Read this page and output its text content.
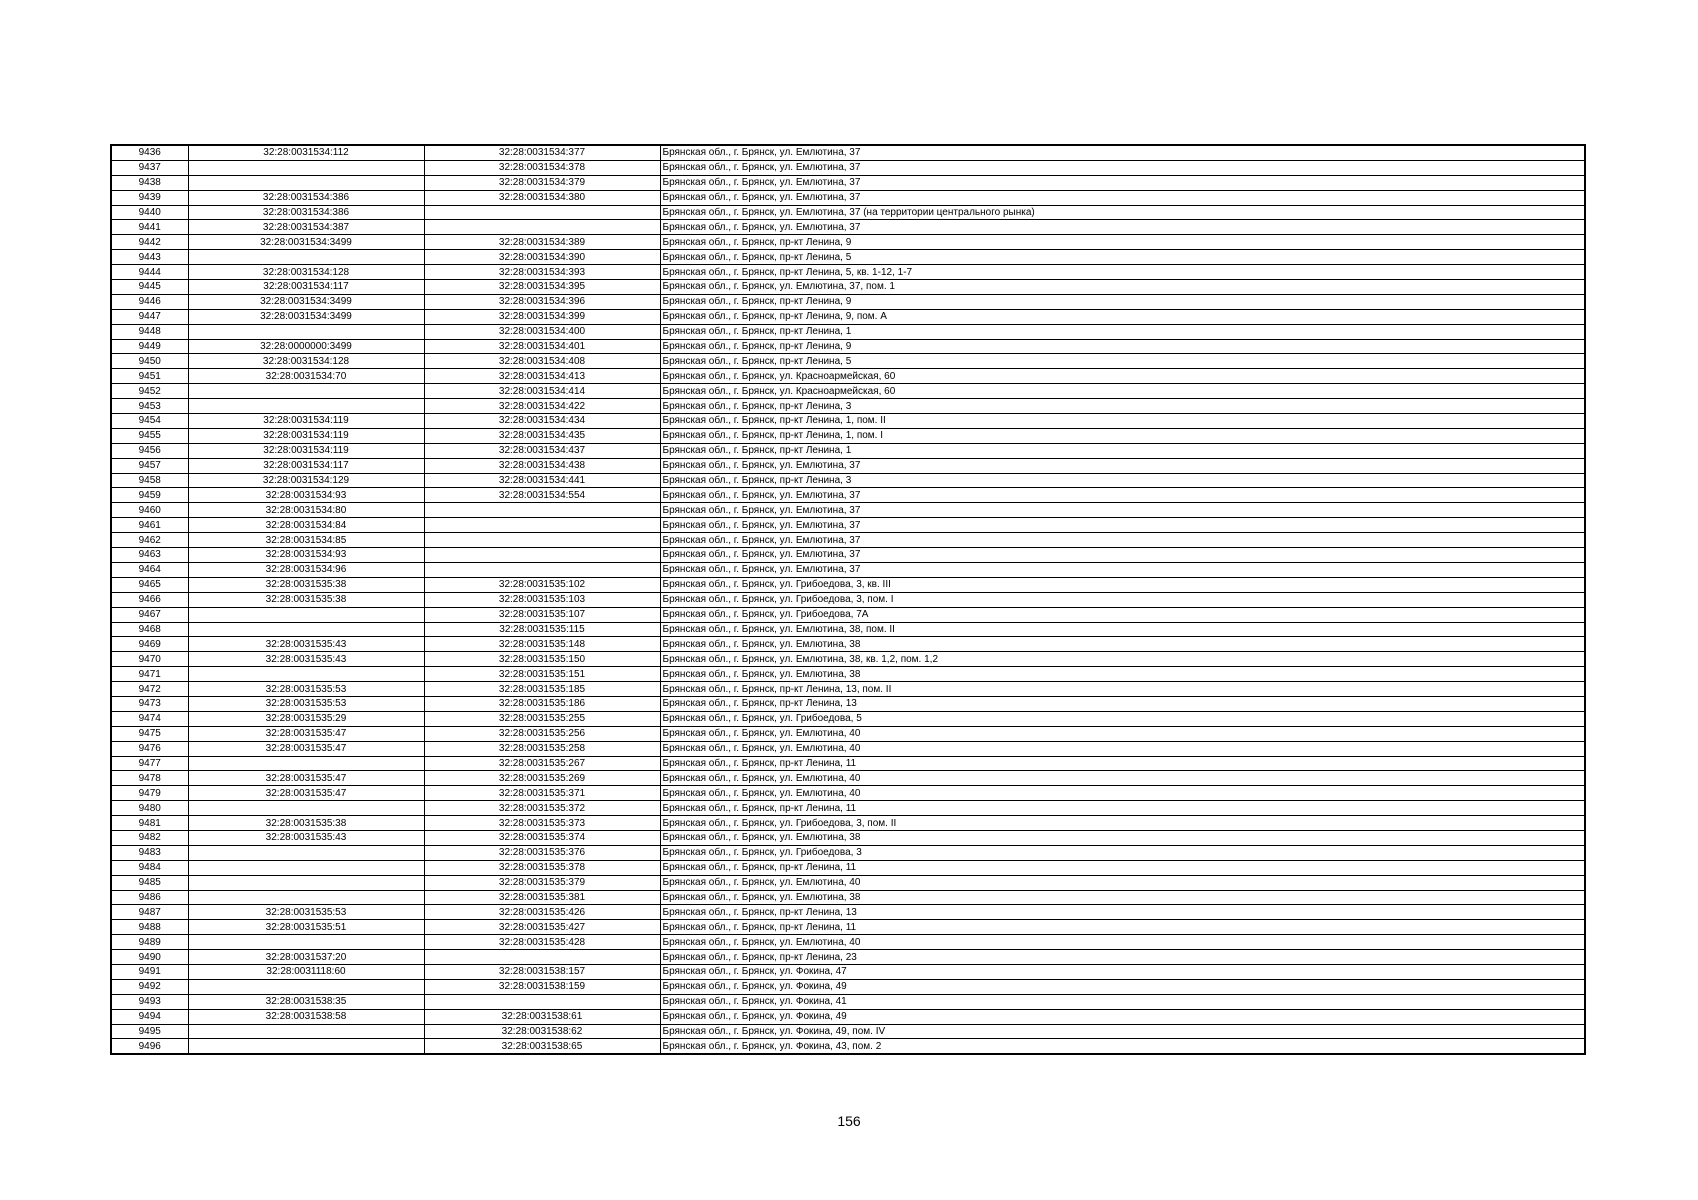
9436	32:28:0031534:112	32:28:0031534:377	Брянская обл., г. Брянск, ул. Емлютина, 37
9437		32:28:0031534:378	Брянская обл., г. Брянск, ул. Емлютина, 37
9438		32:28:0031534:379	Брянская обл., г. Брянск, ул. Емлютина, 37
9439	32:28:0031534:386	32:28:0031534:380	Брянская обл., г. Брянск, ул. Емлютина, 37
9440	32:28:0031534:386		Брянская обл., г. Брянск, ул. Емлютина, 37 (на территории центрального рынка)
9441	32:28:0031534:387		Брянская обл., г. Брянск, ул. Емлютина, 37
9442	32:28:0031534:3499	32:28:0031534:389	Брянская обл., г. Брянск, пр-кт Ленина, 9
9443		32:28:0031534:390	Брянская обл., г. Брянск, пр-кт Ленина, 5
9444	32:28:0031534:128	32:28:0031534:393	Брянская обл., г. Брянск, пр-кт Ленина, 5, кв. 1-12, 1-7
9445	32:28:0031534:117	32:28:0031534:395	Брянская обл., г. Брянск, ул. Емлютина, 37, пом. 1
9446	32:28:0031534:3499	32:28:0031534:396	Брянская обл., г. Брянск, пр-кт Ленина, 9
9447	32:28:0031534:3499	32:28:0031534:399	Брянская обл., г. Брянск, пр-кт Ленина, 9, пом. А
9448		32:28:0031534:400	Брянская обл., г. Брянск, пр-кт Ленина, 1
9449	32:28:0000000:3499	32:28:0031534:401	Брянская обл., г. Брянск, пр-кт Ленина, 9
9450	32:28:0031534:128	32:28:0031534:408	Брянская обл., г. Брянск, пр-кт Ленина, 5
9451	32:28:0031534:70	32:28:0031534:413	Брянская обл., г. Брянск, ул. Красноармейская, 60
9452		32:28:0031534:414	Брянская обл., г. Брянск, ул. Красноармейская, 60
9453		32:28:0031534:422	Брянская обл., г. Брянск, пр-кт Ленина, 3
9454	32:28:0031534:119	32:28:0031534:434	Брянская обл., г. Брянск, пр-кт Ленина, 1, пом. II
9455	32:28:0031534:119	32:28:0031534:435	Брянская обл., г. Брянск, пр-кт Ленина, 1, пом. I
9456	32:28:0031534:119	32:28:0031534:437	Брянская обл., г. Брянск, пр-кт Ленина, 1
9457	32:28:0031534:117	32:28:0031534:438	Брянская обл., г. Брянск, ул. Емлютина, 37
9458	32:28:0031534:129	32:28:0031534:441	Брянская обл., г. Брянск, пр-кт Ленина, 3
9459	32:28:0031534:93	32:28:0031534:554	Брянская обл., г. Брянск, ул. Емлютина, 37
9460	32:28:0031534:80		Брянская обл., г. Брянск, ул. Емлютина, 37
9461	32:28:0031534:84		Брянская обл., г. Брянск, ул. Емлютина, 37
9462	32:28:0031534:85		Брянская обл., г. Брянск, ул. Емлютина, 37
9463	32:28:0031534:93		Брянская обл., г. Брянск, ул. Емлютина, 37
9464	32:28:0031534:96		Брянская обл., г. Брянск, ул. Емлютина, 37
9465	32:28:0031535:38	32:28:0031535:102	Брянская обл., г. Брянск, ул. Грибоедова, 3, кв. III
9466	32:28:0031535:38	32:28:0031535:103	Брянская обл., г. Брянск, ул. Грибоедова, 3, пом. I
9467		32:28:0031535:107	Брянская обл., г. Брянск, ул. Грибоедова, 7А
9468		32:28:0031535:115	Брянская обл., г. Брянск, ул. Емлютина, 38, пом. II
9469	32:28:0031535:43	32:28:0031535:148	Брянская обл., г. Брянск, ул. Емлютина, 38
9470	32:28:0031535:43	32:28:0031535:150	Брянская обл., г. Брянск, ул. Емлютина, 38, кв. 1,2, пом. 1,2
9471		32:28:0031535:151	Брянская обл., г. Брянск, ул. Емлютина, 38
9472	32:28:0031535:53	32:28:0031535:185	Брянская обл., г. Брянск, пр-кт Ленина, 13, пом. II
9473	32:28:0031535:53	32:28:0031535:186	Брянская обл., г. Брянск, пр-кт Ленина, 13
9474	32:28:0031535:29	32:28:0031535:255	Брянская обл., г. Брянск, ул. Грибоедова, 5
9475	32:28:0031535:47	32:28:0031535:256	Брянская обл., г. Брянск, ул. Емлютина, 40
9476	32:28:0031535:47	32:28:0031535:258	Брянская обл., г. Брянск, ул. Емлютина, 40
9477		32:28:0031535:267	Брянская обл., г. Брянск, пр-кт Ленина, 11
9478	32:28:0031535:47	32:28:0031535:269	Брянская обл., г. Брянск, ул. Емлютина, 40
9479	32:28:0031535:47	32:28:0031535:371	Брянская обл., г. Брянск, ул. Емлютина, 40
9480		32:28:0031535:372	Брянская обл., г. Брянск, пр-кт Ленина, 11
9481	32:28:0031535:38	32:28:0031535:373	Брянская обл., г. Брянск, ул. Грибоедова, 3, пом. II
9482	32:28:0031535:43	32:28:0031535:374	Брянская обл., г. Брянск, ул. Емлютина, 38
9483		32:28:0031535:376	Брянская обл., г. Брянск, ул. Грибоедова, 3
9484		32:28:0031535:378	Брянская обл., г. Брянск, пр-кт Ленина, 11
9485		32:28:0031535:379	Брянская обл., г. Брянск, ул. Емлютина, 40
9486		32:28:0031535:381	Брянская обл., г. Брянск, ул. Емлютина, 38
9487	32:28:0031535:53	32:28:0031535:426	Брянская обл., г. Брянск, пр-кт Ленина, 13
9488	32:28:0031535:51	32:28:0031535:427	Брянская обл., г. Брянск, пр-кт Ленина, 11
9489		32:28:0031535:428	Брянская обл., г. Брянск, ул. Емлютина, 40
9490	32:28:0031537:20		Брянская обл., г. Брянск, пр-кт Ленина, 23
9491	32:28:0031118:60	32:28:0031538:157	Брянская обл., г. Брянск, ул. Фокина, 47
9492		32:28:0031538:159	Брянская обл., г. Брянск, ул. Фокина, 49
9493	32:28:0031538:35		Брянская обл., г. Брянск, ул. Фокина, 41
9494	32:28:0031538:58	32:28:0031538:61	Брянская обл., г. Брянск, ул. Фокина, 49
9495		32:28:0031538:62	Брянская обл., г. Брянск, ул. Фокина, 49, пом. IV
9496		32:28:0031538:65	Брянская обл., г. Брянск, ул. Фокина, 43, пом. 2
156
